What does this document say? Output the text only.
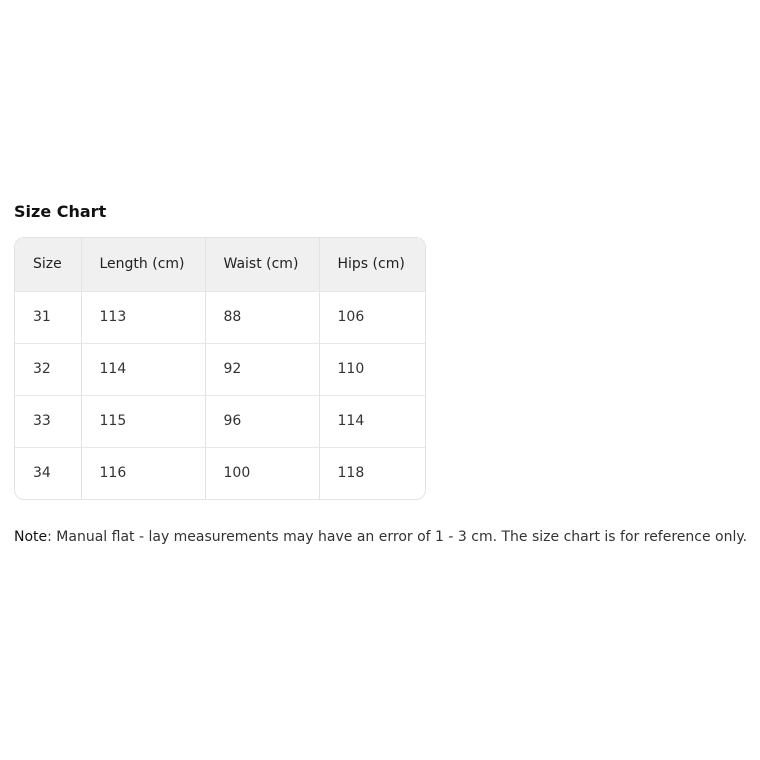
Size Chart
Size	Length (cm)	Waist (cm)	Hips (cm)
31	113	88	106
32	114	92	110
33	115	96	114
34	116	100	118
Note: Manual flat - lay measurements may have an error of 1 - 3 cm. The size chart is for reference only.
